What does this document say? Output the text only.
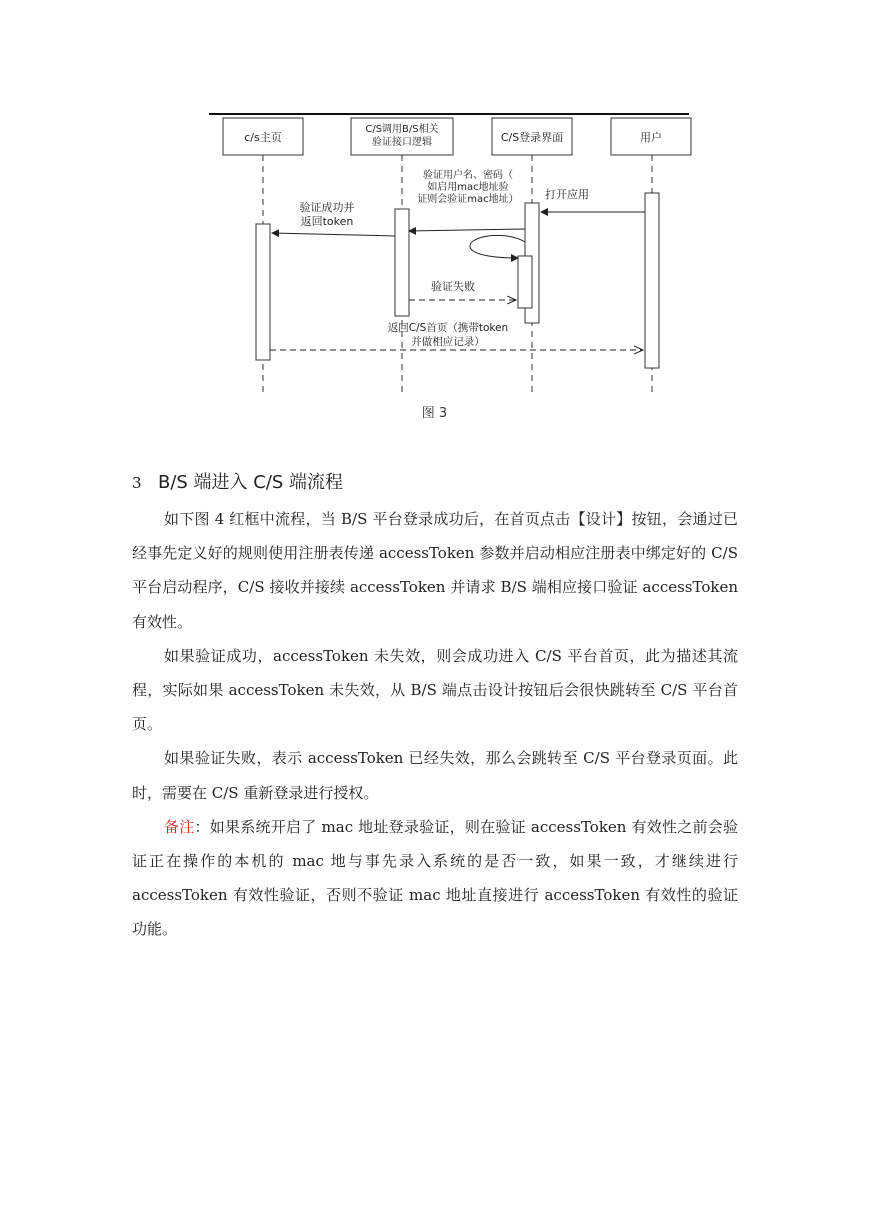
c/s主页
C/S调用B/S相关验证接口逻辑	C/S登录界面	用户
打开应用
验证用户名、密码（如启用mac地址验证则会验证mac地址）
验证成功并返回token
验证失败
返回C/S首页（携带token 并做相应记录）
图 3
3 B/S 端进入 C/S 端流程

如下图 4 红框中流程，当 B/S 平台登录成功后，在首页点击【设计】按钮，会通过已经事先定义好的规则使用注册表传递 accessToken 参数并启动相应注册表中绑定好的 C/S 平台启动程序，C/S 接收并接续 accessToken 并请求 B/S 端相应接口验证 accessToken 有效性。

如果验证成功，accessToken 未失效，则会成功进入 C/S 平台首页，此为描述其流程，实际如果 accessToken 未失效，从 B/S 端点击设计按钮后会很快跳转至 C/S 平台首页。

如果验证失败，表示 accessToken 已经失效，那么会跳转至 C/S 平台登录页面。此时，需要在 C/S 重新登录进行授权。

备注：如果系统开启了 mac 地址登录验证，则在验证 accessToken 有效性之前会验证正在操作的本机的 mac 地与事先录入系统的是否一致，如果一致，才继续进行 accessToken 有效性验证，否则不验证 mac 地址直接进行 accessToken 有效性的验证功能。
